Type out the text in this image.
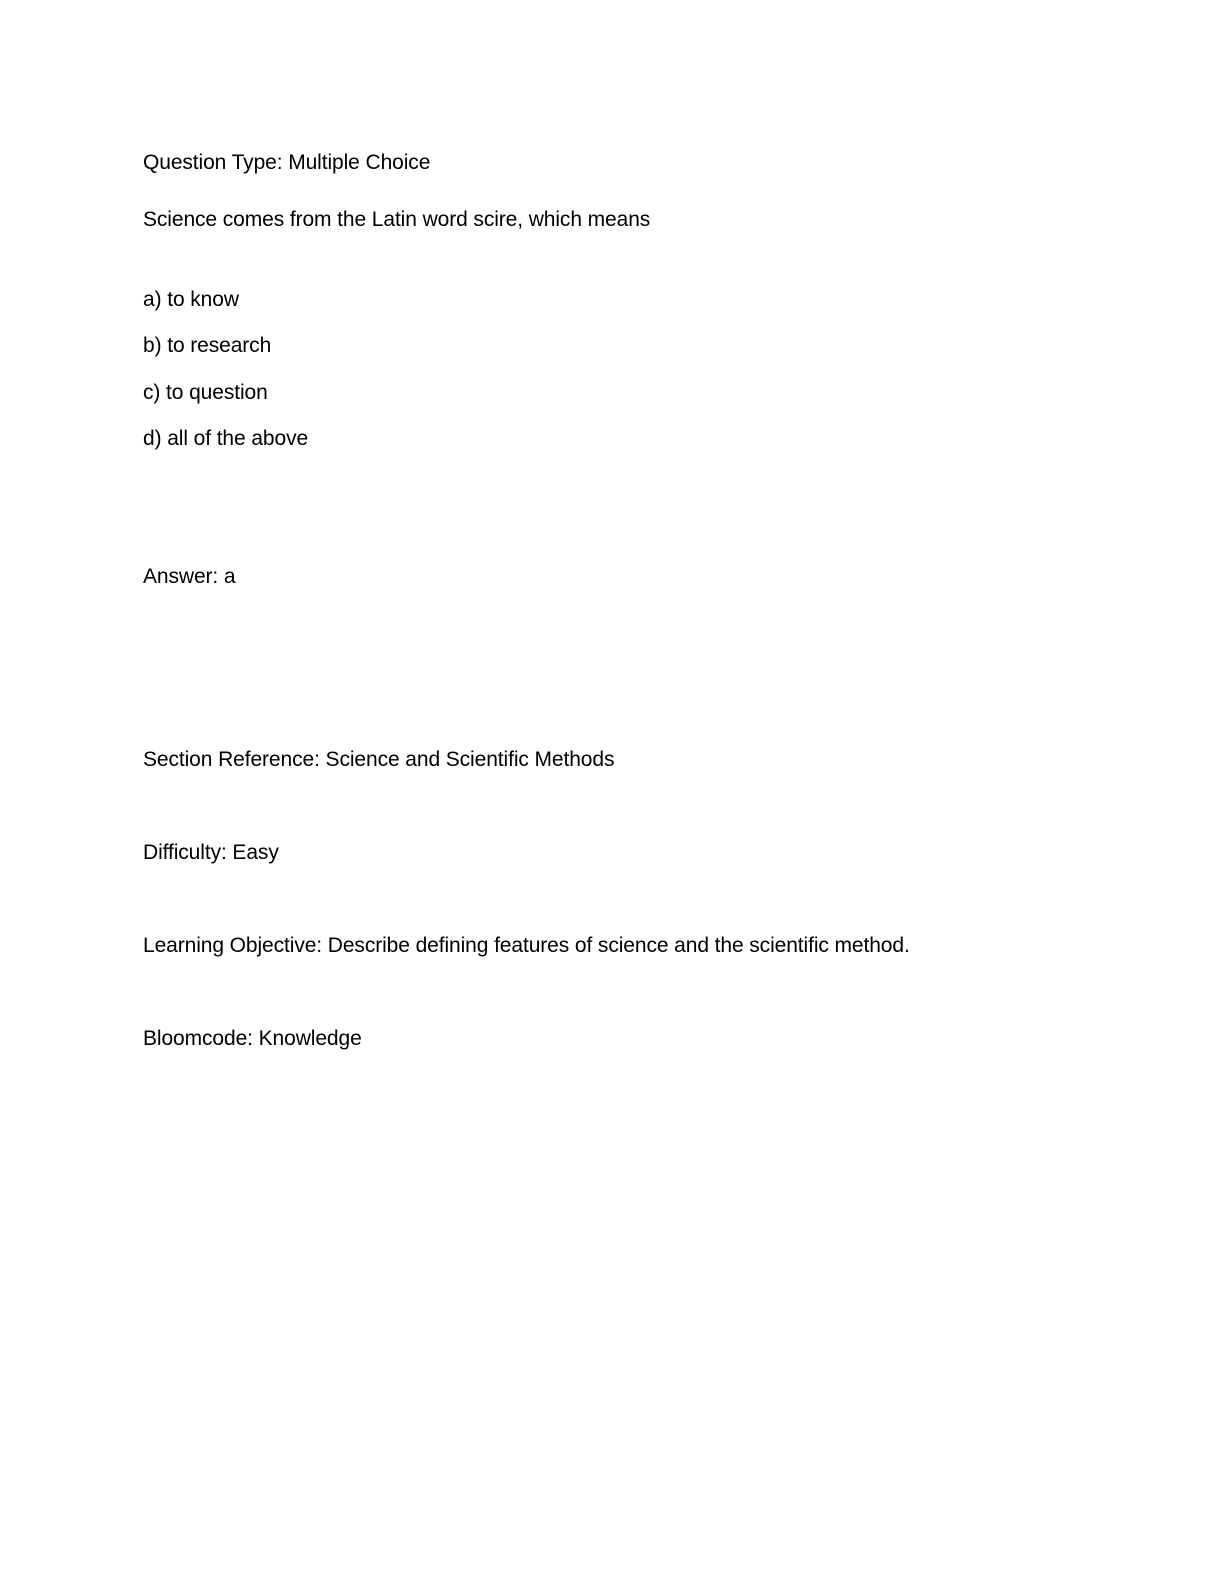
Question Type: Multiple Choice
Science comes from the Latin word scire, which means
a) to know
b) to research
c) to question
d) all of the above
Answer: a
Section Reference: Science and Scientific Methods
Difficulty: Easy
Learning Objective: Describe defining features of science and the scientific method.
Bloomcode: Knowledge
